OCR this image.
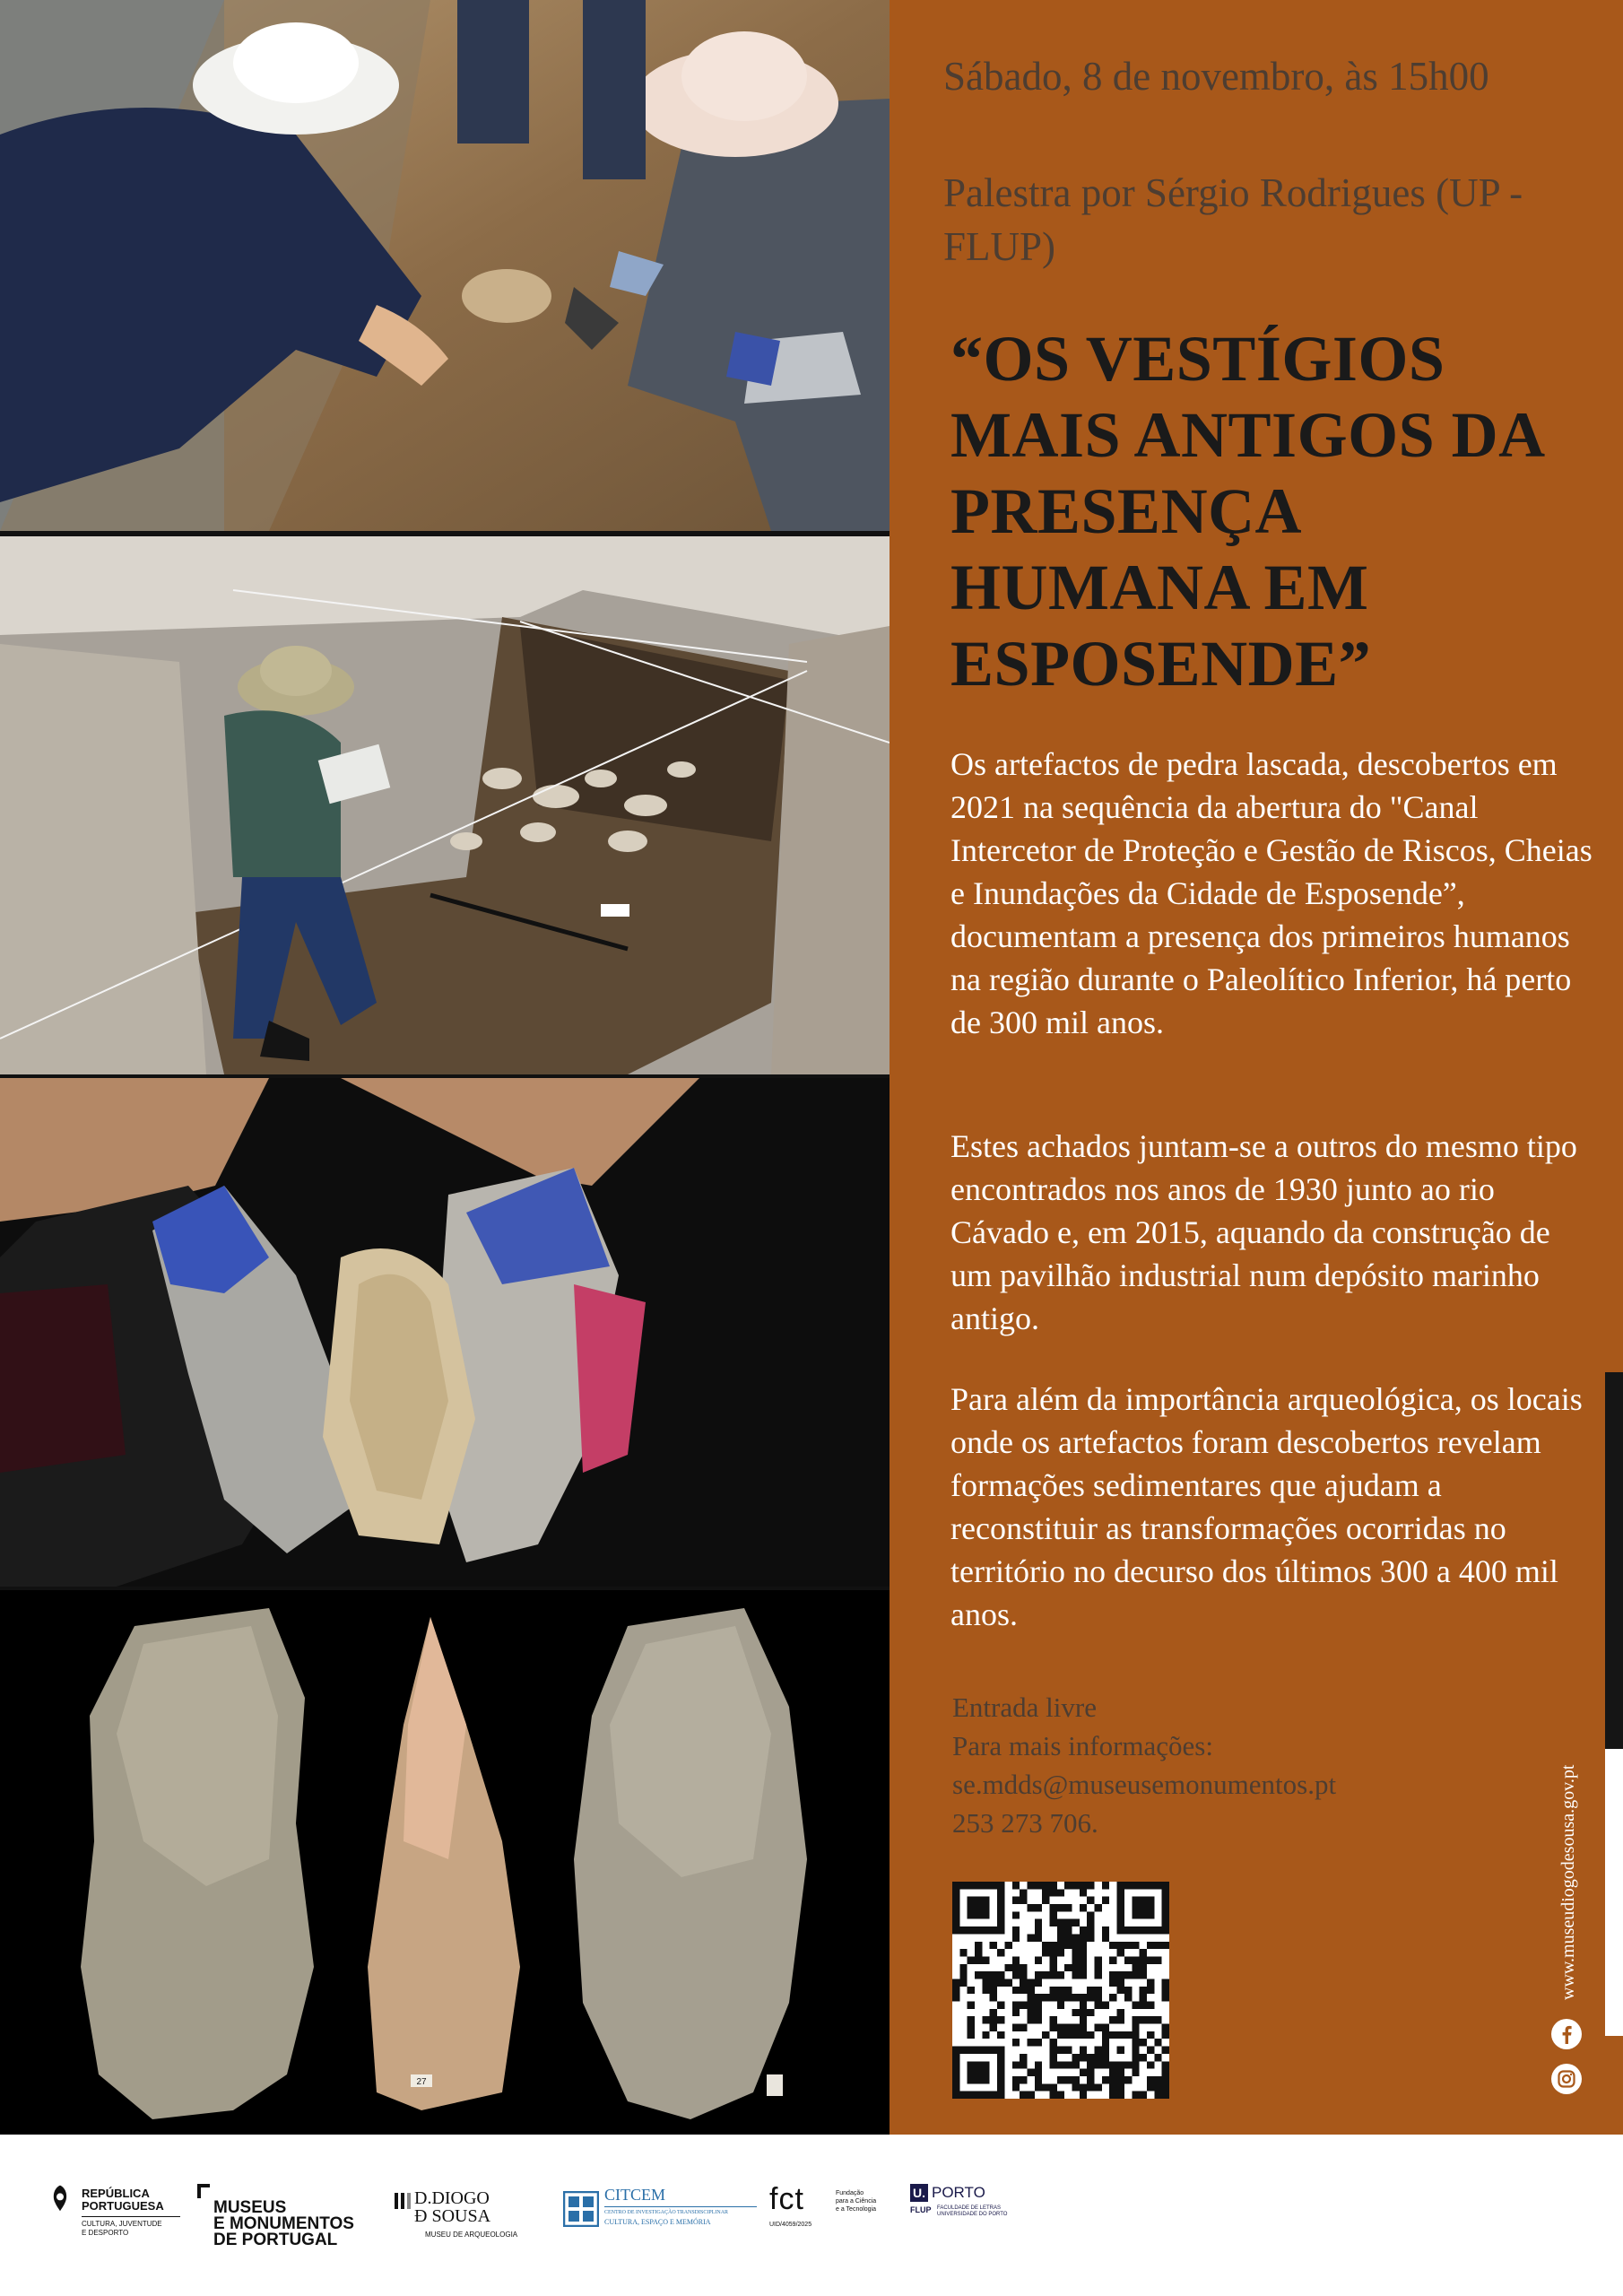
27
Sábado, 8 de novembro, às 15h00
Palestra por Sérgio Rodrigues (UP - FLUP)
“OS VESTÍGIOS MAIS ANTIGOS DA PRESENÇA HUMANA EM ESPOSENDE”
Os artefactos de pedra lascada, descobertos em 2021 na sequência da abertura do "Canal Intercetor de Proteção e Gestão de Riscos, Cheias e Inundações da Cidade de Esposende”, documentam a presença dos primeiros humanos na região durante o Paleolítico Inferior, há perto de 300 mil anos.
Estes achados juntam-se a outros do mesmo tipo encontrados nos anos de 1930 junto ao rio Cávado e, em 2015, aquando da construção de um pavilhão industrial num depósito marinho antigo.
Para além da importância arqueológica, os locais onde os artefactos foram descobertos revelam formações sedimentares que ajudam a reconstituir as transformações ocorridas no território no decurso dos últimos 300 a 400 mil anos.
Entrada livre
Para mais informações:
se.mdds@museusemonumentos.pt
253 273 706.	www.museudiogodesousa.gov.pt
REPÚBLICA
PORTUGUESA
CULTURA, JUVENTUDE
E DESPORTO
MUSEUS
E MONUMENTOS
DE PORTUGAL
D.DIOGO
Ð SOUSA
MUSEU DE ARQUEOLOGIA
CITCEM
CENTRO DE INVESTIGAÇÃO TRANSDISCIPLINAR
CULTURA, ESPAÇO E MEMÓRIA
fct	Fundação
para a Ciência
e a Tecnologia
UID/4059/2025
U. PORTO
FLUP FACULDADE DE LETRAS
UNIVERSIDADE DO PORTO
